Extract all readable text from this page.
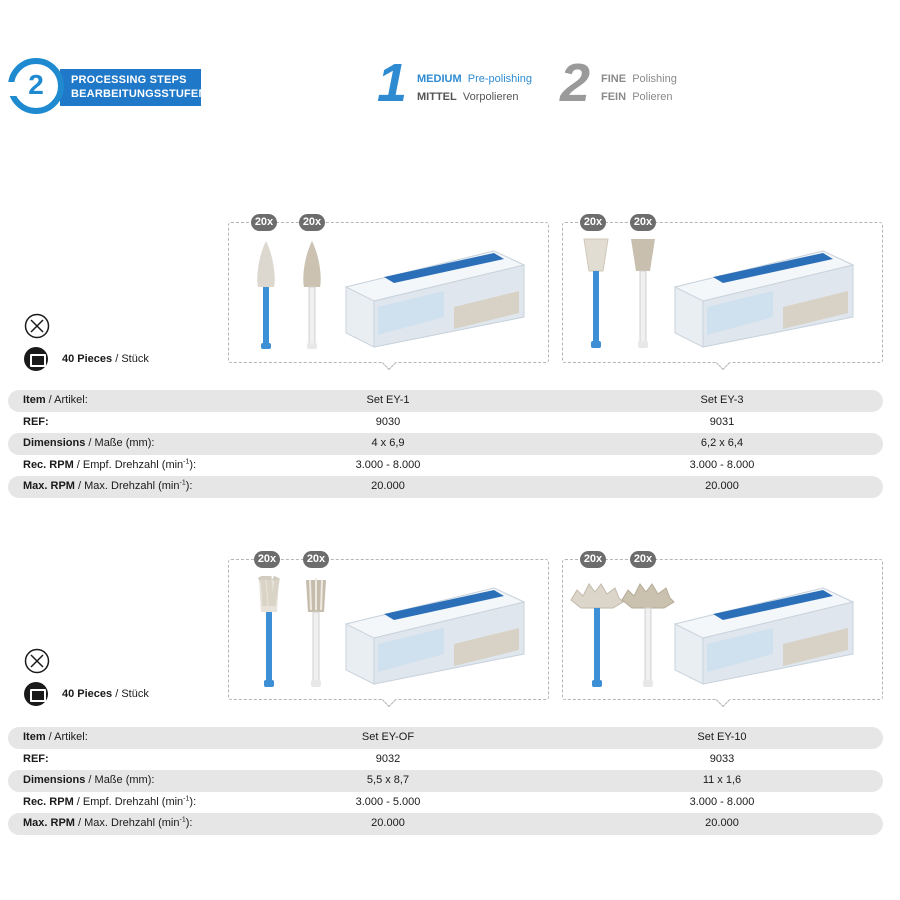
2	PROCESSING STEPS
BEARBEITUNGSSTUFEN	1 MEDIUM Pre-polishing
MITTEL Vorpolieren 2 FINE Polishing
FEIN Polieren
20x	20x	20x	20x
40 Pieces / Stück
Item / Artikel:	Set EY-1	Set EY-3
REF:	9030	9031
Dimensions / Maße (mm):	4 x 6,9	6,2 x 6,4
Rec. RPM / Empf. Drehzahl $(\min^{-1})$:	3.000 - 8.000	3.000 - 8.000
Max. RPM / Max. Drehzahl $(\min^{-1})$:	20.000	20.000
20x	20x	20x	20x
40 Pieces / Stück
Item / Artikel:	Set EY-OF	Set EY-10
REF:	9032	9033
Dimensions / Maße (mm):	5,5 x 8,7	11 x 1,6
Rec. RPM / Empf. Drehzahl $(\min^{-1})$:	3.000 - 5.000	3.000 - 8.000
Max. RPM / Max. Drehzahl $(\min^{-1})$:	20.000	20.000
